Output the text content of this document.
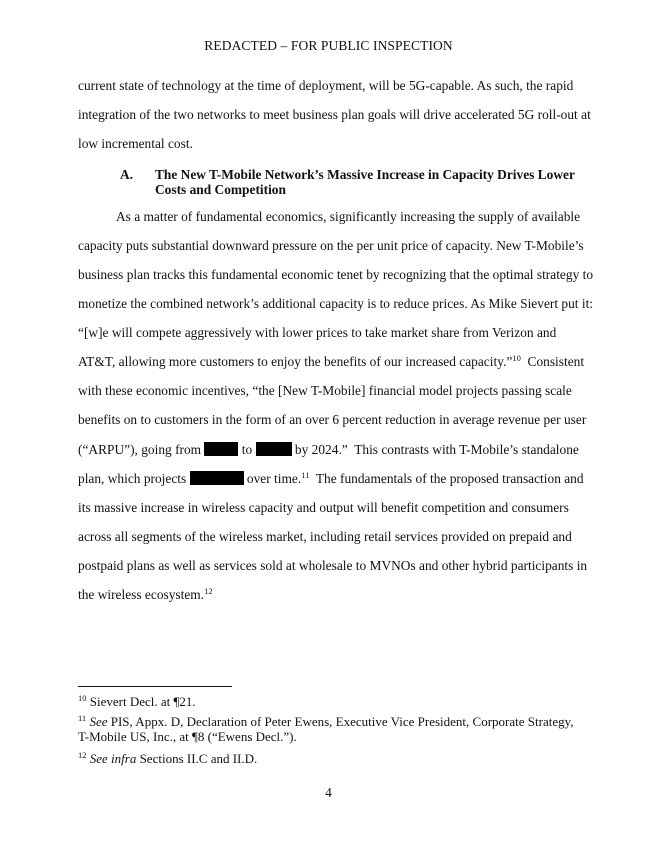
REDACTED – FOR PUBLIC INSPECTION
current state of technology at the time of deployment, will be 5G-capable. As such, the rapid
integration of the two networks to meet business plan goals will drive accelerated 5G roll-out at
low incremental cost.
A. The New T-Mobile Network’s Massive Increase in Capacity Drives Lower Costs and Competition
As a matter of fundamental economics, significantly increasing the supply of available
capacity puts substantial downward pressure on the per unit price of capacity. New T-Mobile’s
business plan tracks this fundamental economic tenet by recognizing that the optimal strategy to
monetize the combined network’s additional capacity is to reduce prices. As Mike Sievert put it:
“[w]e will compete aggressively with lower prices to take market share from Verizon and
AT&T, allowing more customers to enjoy the benefits of our increased capacity.”$^{10}$  Consistent
with these economic incentives, “the [New T-Mobile] financial model projects passing scale
benefits on to customers in the form of an over 6 percent reduction in average revenue per user
(“ARPU”), going from	to	by 2024.”  This contrasts with T-Mobile’s standalone
plan, which projects	over time.$^{11}$  The fundamentals of the proposed transaction and
its massive increase in wireless capacity and output will benefit competition and consumers
across all segments of the wireless market, including retail services provided on prepaid and
postpaid plans as well as services sold at wholesale to MVNOs and other hybrid participants in
the wireless ecosystem.$^{12}$
$^{10}$ Sievert Decl. at ¶21.
$^{11}$ See PIS, Appx. D, Declaration of Peter Ewens, Executive Vice President, Corporate Strategy, T-Mobile US, Inc., at ¶8 (“Ewens Decl.”).
$^{12}$ See infra Sections II.C and II.D.
4
